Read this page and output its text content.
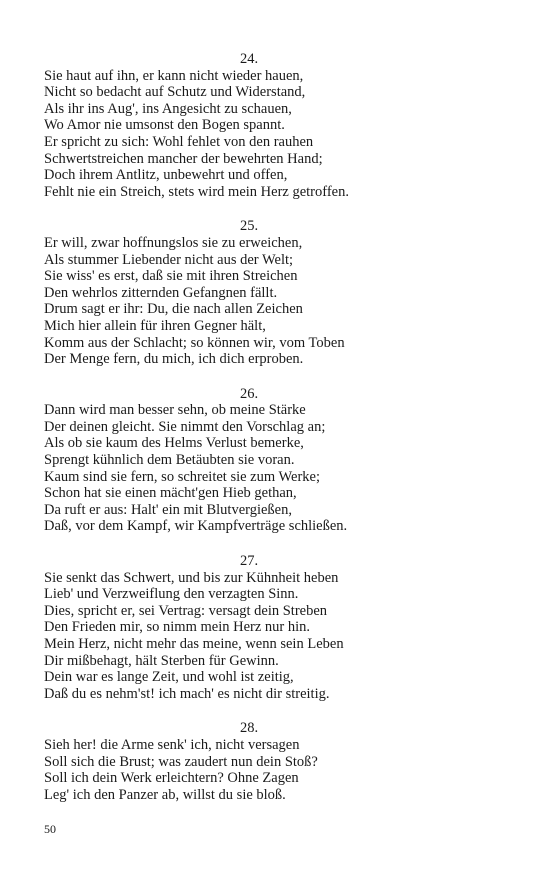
24.
Sie haut auf ihn, er kann nicht wieder hauen,
Nicht so bedacht auf Schutz und Widerstand,
Als ihr ins Aug', ins Angesicht zu schauen,
Wo Amor nie umsonst den Bogen spannt.
Er spricht zu sich: Wohl fehlet von den rauhen
Schwertstreichen mancher der bewehrten Hand;
Doch ihrem Antlitz, unbewehrt und offen,
Fehlt nie ein Streich, stets wird mein Herz getroffen.
25.
Er will, zwar hoffnungslos sie zu erweichen,
Als stummer Liebender nicht aus der Welt;
Sie wiss' es erst, daß sie mit ihren Streichen
Den wehrlos zitternden Gefangnen fällt.
Drum sagt er ihr: Du, die nach allen Zeichen
Mich hier allein für ihren Gegner hält,
Komm aus der Schlacht; so können wir, vom Toben
Der Menge fern, du mich, ich dich erproben.
26.
Dann wird man besser sehn, ob meine Stärke
Der deinen gleicht. Sie nimmt den Vorschlag an;
Als ob sie kaum des Helms Verlust bemerke,
Sprengt kühnlich dem Betäubten sie voran.
Kaum sind sie fern, so schreitet sie zum Werke;
Schon hat sie einen mächt'gen Hieb gethan,
Da ruft er aus: Halt' ein mit Blutvergießen,
Daß, vor dem Kampf, wir Kampfverträge schließen.
27.
Sie senkt das Schwert, und bis zur Kühnheit heben
Lieb' und Verzweiflung den verzagten Sinn.
Dies, spricht er, sei Vertrag: versagt dein Streben
Den Frieden mir, so nimm mein Herz nur hin.
Mein Herz, nicht mehr das meine, wenn sein Leben
Dir mißbehagt, hält Sterben für Gewinn.
Dein war es lange Zeit, und wohl ist zeitig,
Daß du es nehm'st! ich mach' es nicht dir streitig.
28.
Sieh her! die Arme senk' ich, nicht versagen
Soll sich die Brust; was zaudert nun dein Stoß?
Soll ich dein Werk erleichtern? Ohne Zagen
Leg' ich den Panzer ab, willst du sie bloß.
50
